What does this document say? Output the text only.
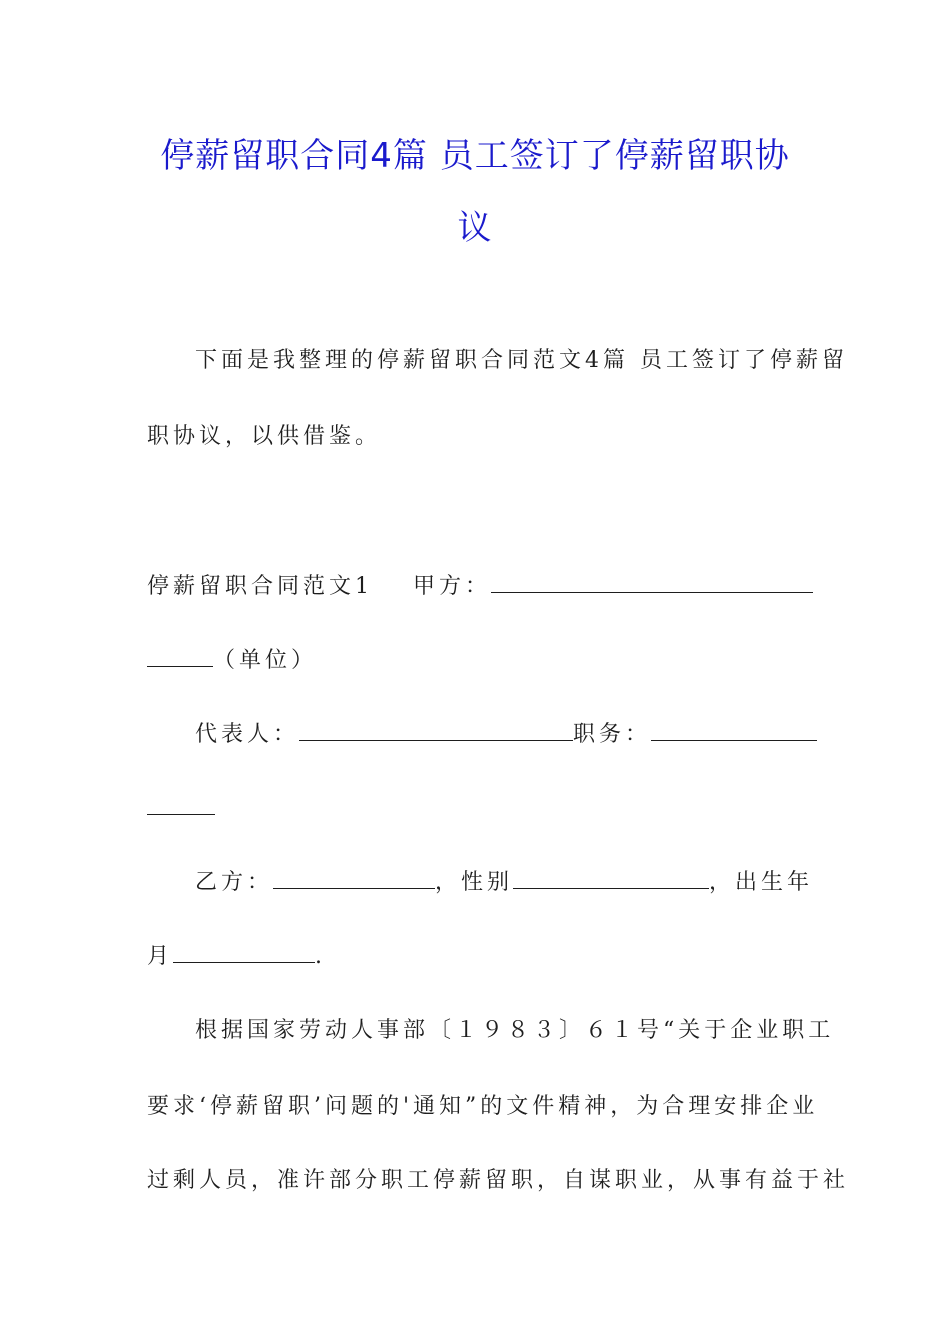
停薪留职合同4篇 员工签订了停薪留职协
议
下面是我整理的停薪留职合同范文4篇 员工签订了停薪留
职协议，以供借鉴。
停薪留职合同范文1 甲方：
（单位）
代表人：	职务：
乙方：	，性别	，出生年
月	.
根据国家劳动人事部〔１９８３〕６１号“关于企业职工
要求‘停薪留职’问题的'通知”的文件精神，为合理安排企业
过剩人员，准许部分职工停薪留职，自谋职业，从事有益于社
